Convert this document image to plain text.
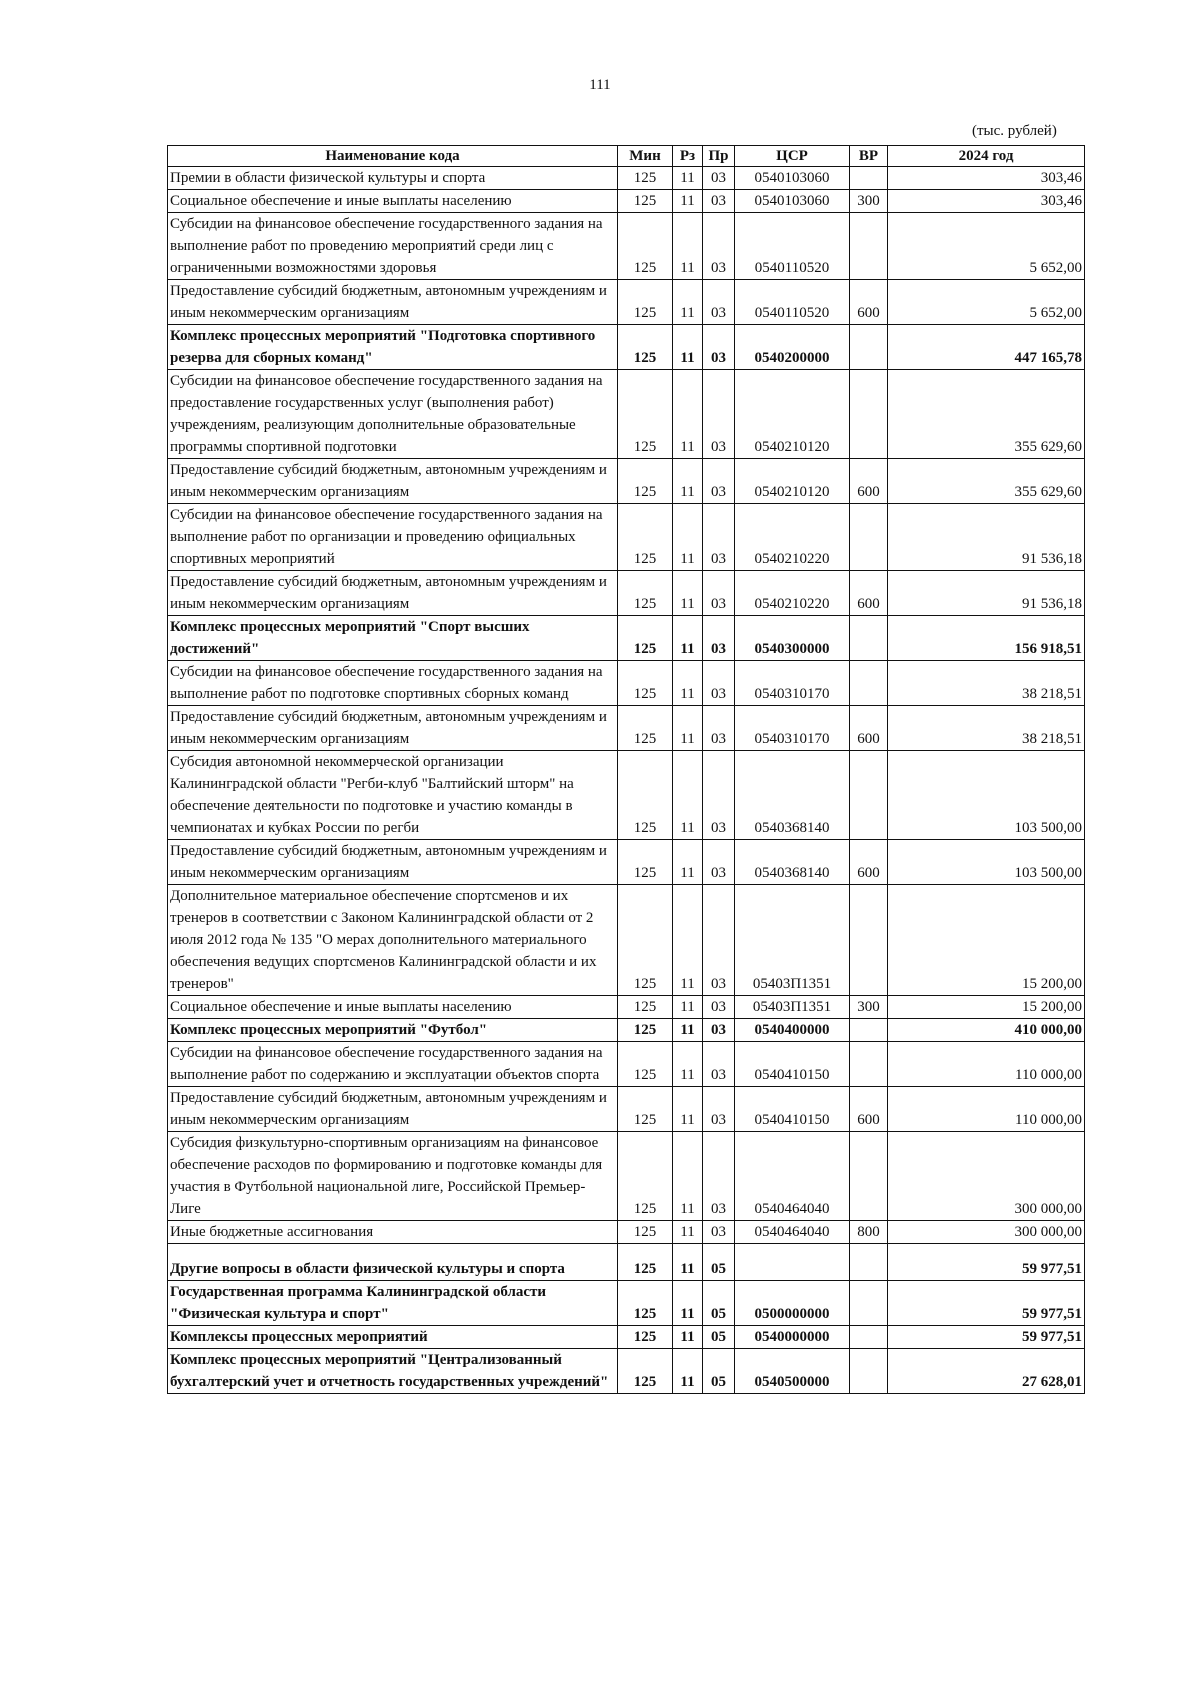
111
(тыс. рублей)
Наименование кода	Мин	Рз	Пр	ЦСР	ВР	2024 год
Премии в области физической культуры и спорта	125	11	03	0540103060		303,46
Социальное обеспечение и иные выплаты населению	125	11	03	0540103060	300	303,46
Субсидии на финансовое обеспечение государственного задания на выполнение работ по проведению мероприятий среди лиц с ограниченными возможностями здоровья	125	11	03	0540110520		5 652,00
Предоставление субсидий бюджетным, автономным учреждениям и иным некоммерческим организациям	125	11	03	0540110520	600	5 652,00
Комплекс процессных мероприятий "Подготовка спортивного резерва для сборных команд"	125	11	03	0540200000		447 165,78
Субсидии на финансовое обеспечение государственного задания на предоставление государственных услуг (выполнения работ) учреждениям, реализующим дополнительные образовательные программы спортивной подготовки	125	11	03	0540210120		355 629,60
Предоставление субсидий бюджетным, автономным учреждениям и иным некоммерческим организациям	125	11	03	0540210120	600	355 629,60
Субсидии на финансовое обеспечение государственного задания на выполнение работ по организации и проведению официальных спортивных мероприятий	125	11	03	0540210220		91 536,18
Предоставление субсидий бюджетным, автономным учреждениям и иным некоммерческим организациям	125	11	03	0540210220	600	91 536,18
Комплекс процессных мероприятий "Спорт высших достижений"	125	11	03	0540300000		156 918,51
Субсидии на финансовое обеспечение государственного задания на выполнение работ по подготовке спортивных сборных команд	125	11	03	0540310170		38 218,51
Предоставление субсидий бюджетным, автономным учреждениям и иным некоммерческим организациям	125	11	03	0540310170	600	38 218,51
Субсидия автономной некоммерческой организации Калининградской области "Регби-клуб "Балтийский шторм" на обеспечение деятельности по подготовке и участию команды в чемпионатах и кубках России по регби	125	11	03	0540368140		103 500,00
Предоставление субсидий бюджетным, автономным учреждениям и иным некоммерческим организациям	125	11	03	0540368140	600	103 500,00
Дополнительное материальное обеспечение спортсменов и их тренеров в соответствии с Законом Калининградской области от 2 июля 2012 года № 135 "О мерах дополнительного материального обеспечения ведущих спортсменов Калининградской области и их тренеров"	125	11	03	05403П1351		15 200,00
Социальное обеспечение и иные выплаты населению	125	11	03	05403П1351	300	15 200,00
Комплекс процессных мероприятий "Футбол"	125	11	03	0540400000		410 000,00
Субсидии на финансовое обеспечение государственного задания на выполнение работ по содержанию и эксплуатации объектов спорта	125	11	03	0540410150		110 000,00
Предоставление субсидий бюджетным, автономным учреждениям и иным некоммерческим организациям	125	11	03	0540410150	600	110 000,00
Субсидия физкультурно-спортивным организациям на финансовое обеспечение расходов по формированию и подготовке команды для участия в Футбольной национальной лиге, Российской Премьер-Лиге	125	11	03	0540464040		300 000,00
Иные бюджетные ассигнования	125	11	03	0540464040	800	300 000,00
Другие вопросы в области физической культуры и спорта	125	11	05			59 977,51
Государственная программа Калининградской области "Физическая культура и спорт"	125	11	05	0500000000		59 977,51
Комплексы процессных мероприятий	125	11	05	0540000000		59 977,51
Комплекс процессных мероприятий "Централизованный бухгалтерский учет и отчетность государственных учреждений"	125	11	05	0540500000		27 628,01
